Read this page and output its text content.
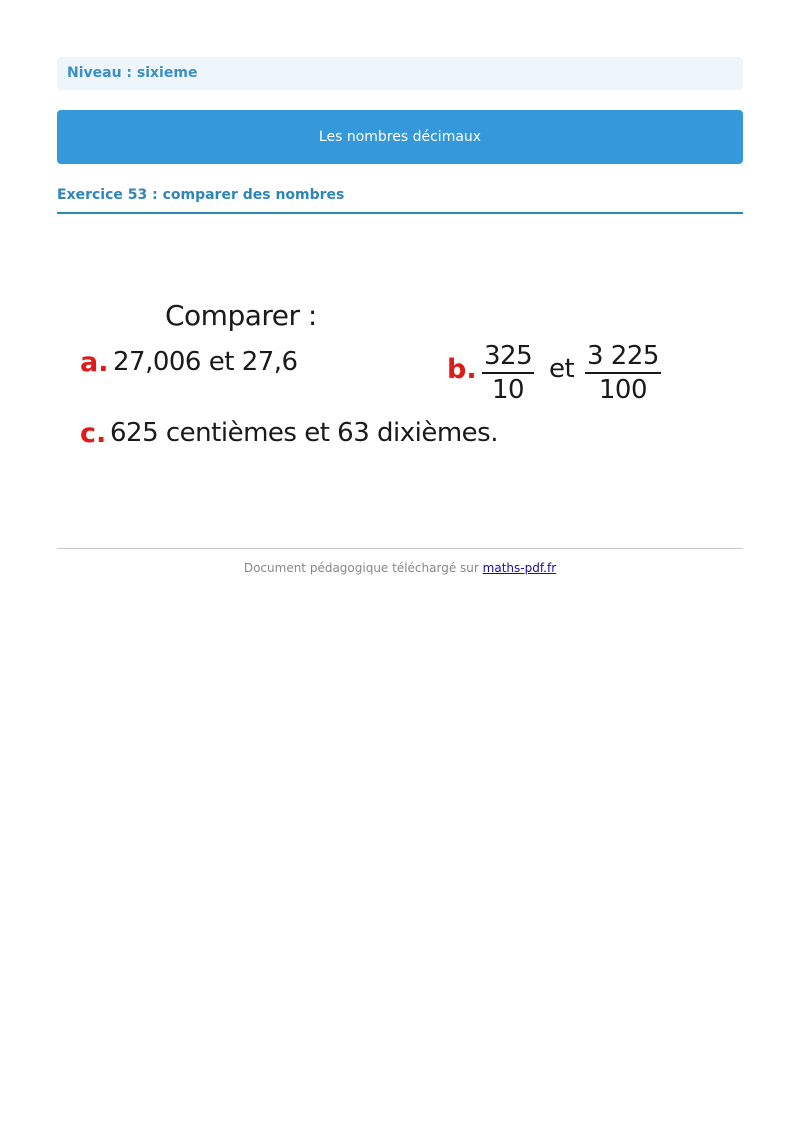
Niveau : sixieme
Les nombres décimaux
Exercice 53 : comparer des nombres
Comparer :
a. 27,006 et 27,6	b. $\frac{325}{10}$ et $\frac{3 225}{100}$
c. 625 centièmes et 63 dixièmes.
Document pédagogique téléchargé sur maths-pdf.fr
